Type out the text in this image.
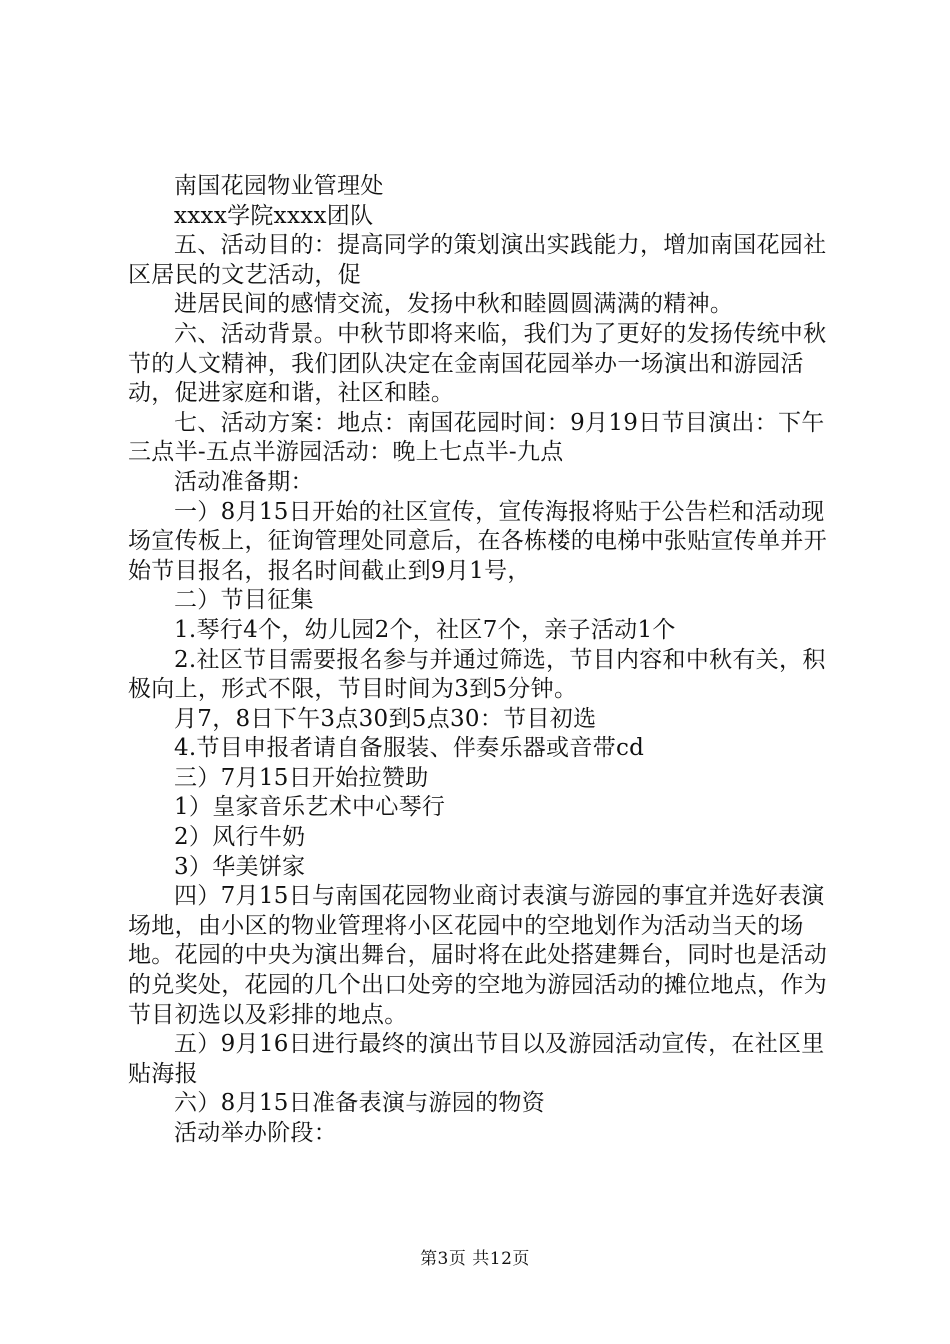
南国花园物业管理处

xxxx学院xxxx团队

五、活动目的：提高同学的策划演出实践能力，增加南国花园社区居民的文艺活动，促

进居民间的感情交流，发扬中秋和睦圆圆满满的精神。

六、活动背景。中秋节即将来临，我们为了更好的发扬传统中秋节的人文精神，我们团队决定在金南国花园举办一场演出和游园活动，促进家庭和谐，社区和睦。

七、活动方案：地点：南国花园时间：9月19日节目演出：下午三点半-五点半游园活动：晚上七点半-九点

活动准备期：

一）8月15日开始的社区宣传，宣传海报将贴于公告栏和活动现场宣传板上，征询管理处同意后，在各栋楼的电梯中张贴宣传单并开始节目报名，报名时间截止到9月1号，

二）节目征集

1.琴行4个，幼儿园2个，社区7个，亲子活动1个

2.社区节目需要报名参与并通过筛选，节目内容和中秋有关，积极向上，形式不限，节目时间为3到5分钟。

月7，8日下午3点30到5点30：节目初选

4.节目申报者请自备服装、伴奏乐器或音带cd

三）7月15日开始拉赞助

1）皇家音乐艺术中心琴行

2）风行牛奶

3）华美饼家

四）7月15日与南国花园物业商讨表演与游园的事宜并选好表演场地，由小区的物业管理将小区花园中的空地划作为活动当天的场地。花园的中央为演出舞台，届时将在此处搭建舞台，同时也是活动的兑奖处，花园的几个出口处旁的空地为游园活动的摊位地点，作为节目初选以及彩排的地点。

五）9月16日进行最终的演出节目以及游园活动宣传，在社区里贴海报

六）8月15日准备表演与游园的物资

活动举办阶段：

第3页 共12页
